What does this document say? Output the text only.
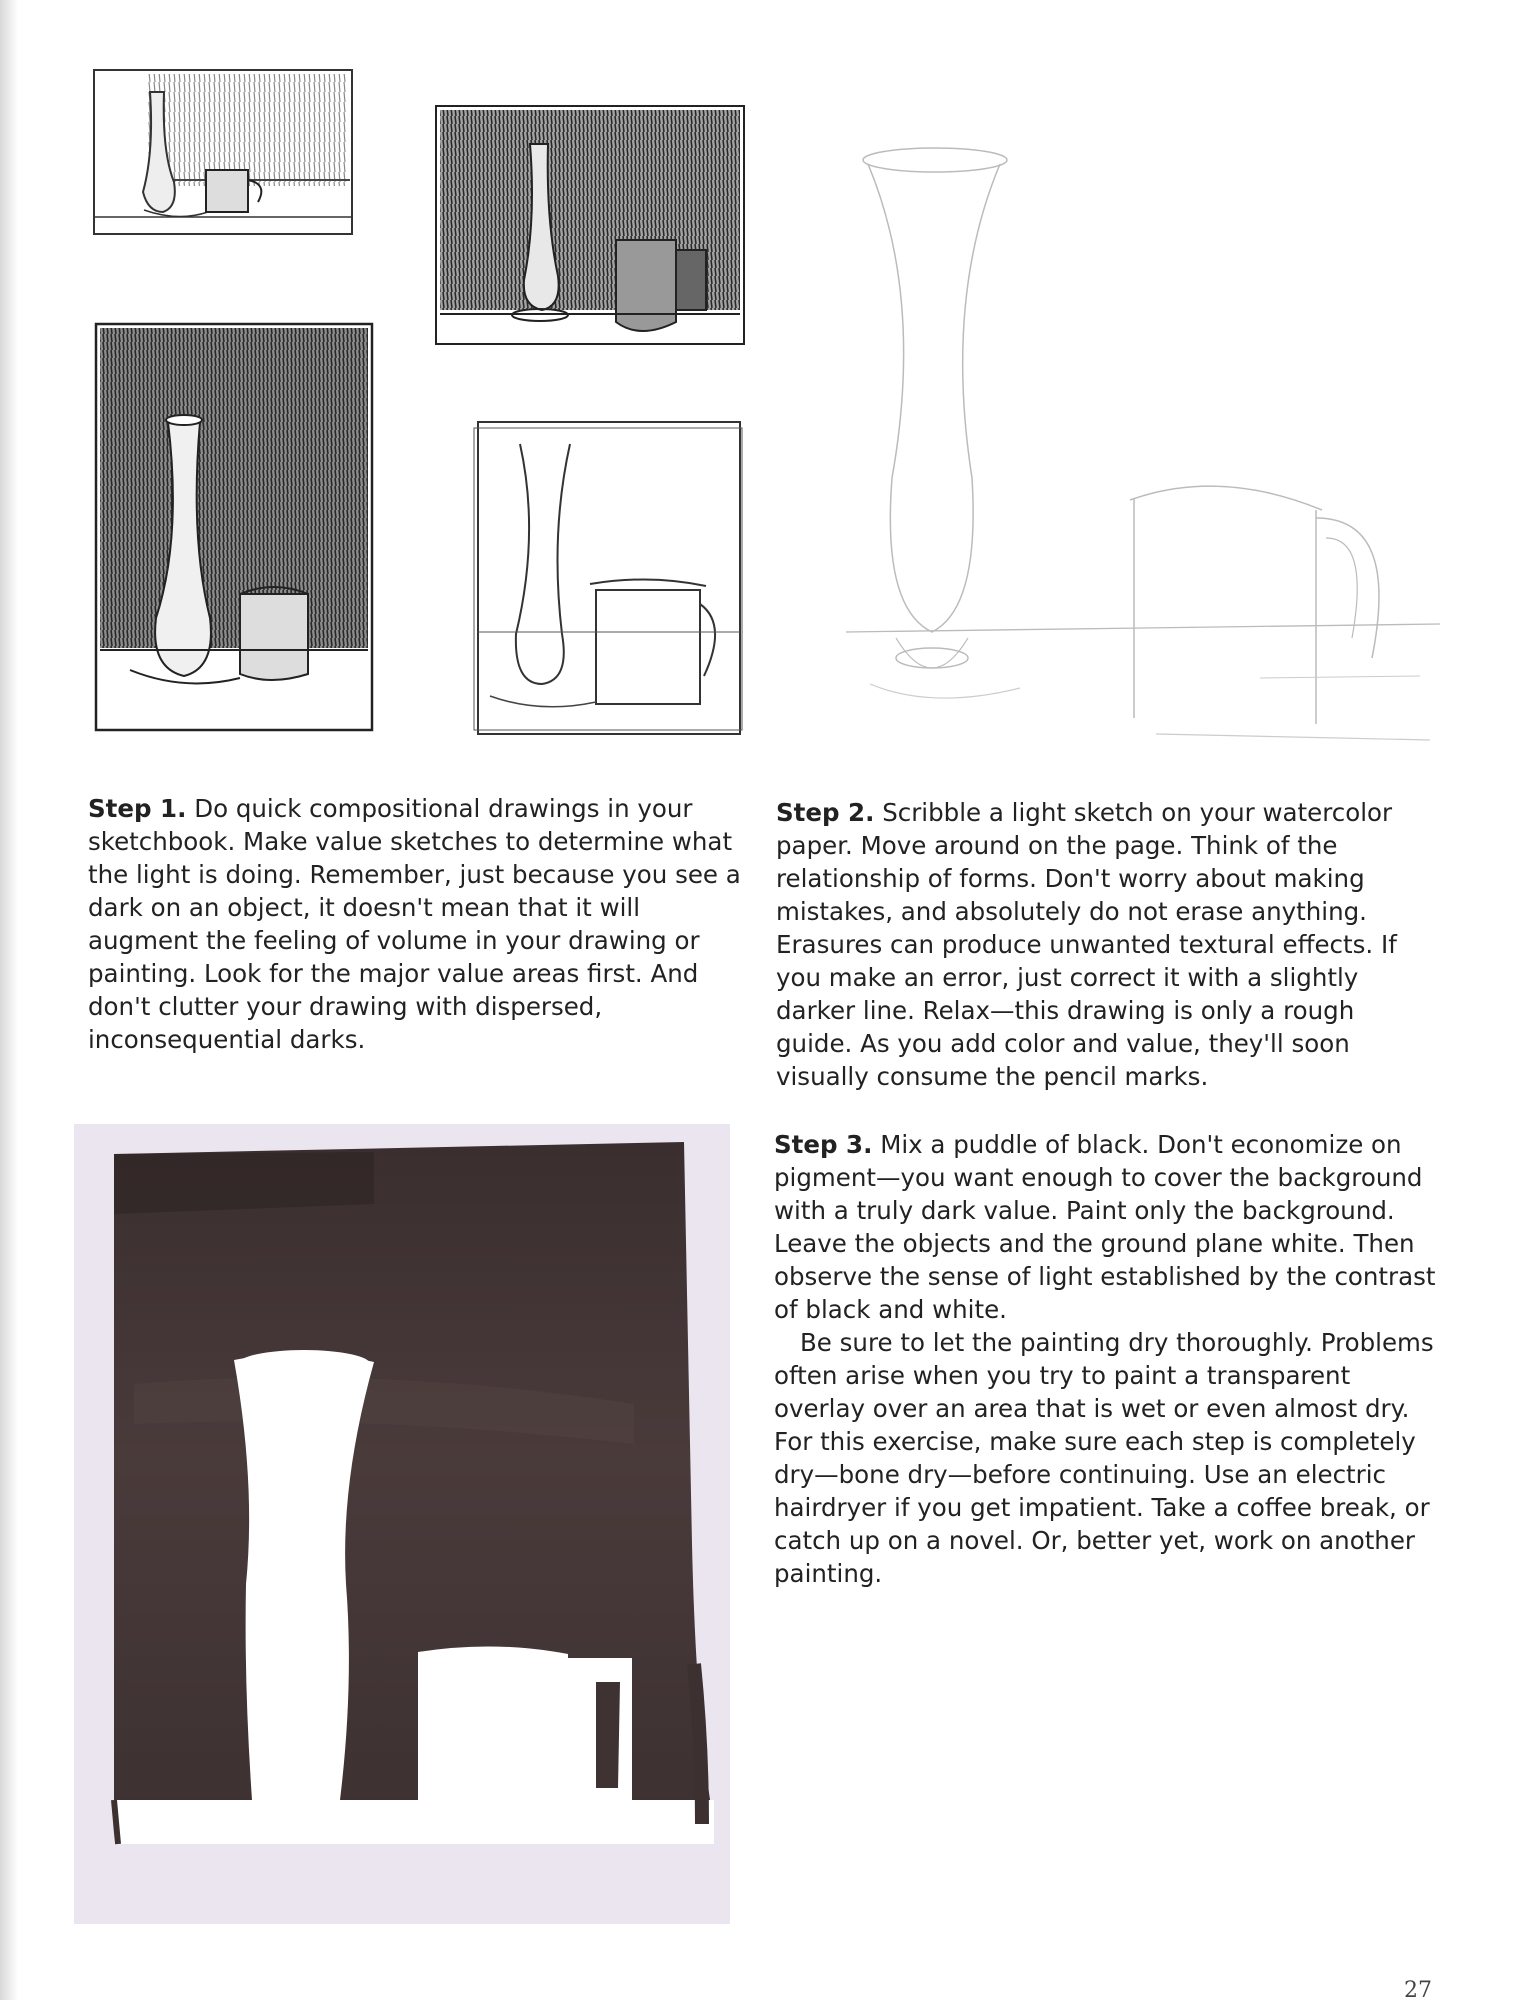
Step 1. Do quick compositional drawings in your sketchbook. Make value sketches to determine what the light is doing. Remember, just because you see a dark on an object, it doesn't mean that it will augment the feeling of volume in your drawing or painting. Look for the major value areas first. And don't clutter your drawing with dispersed, inconsequential darks.

Step 2. Scribble a light sketch on your watercolor paper. Move around on the page. Think of the relationship of forms. Don't worry about making mistakes, and absolutely do not erase anything. Erasures can produce unwanted textural effects. If you make an error, just correct it with a slightly darker line. Relax—this drawing is only a rough guide. As you add color and value, they'll soon visually consume the pencil marks.

Step 3. Mix a puddle of black. Don't economize on pigment—you want enough to cover the background with a truly dark value. Paint only the background. Leave the objects and the ground plane white. Then observe the sense of light established by the contrast of black and white.

Be sure to let the painting dry thoroughly. Problems often arise when you try to paint a transparent overlay over an area that is wet or even almost dry. For this exercise, make sure each step is completely dry—bone dry—before continuing. Use an electric hairdryer if you get impatient. Take a coffee break, or catch up on a novel. Or, better yet, work on another painting.

27
